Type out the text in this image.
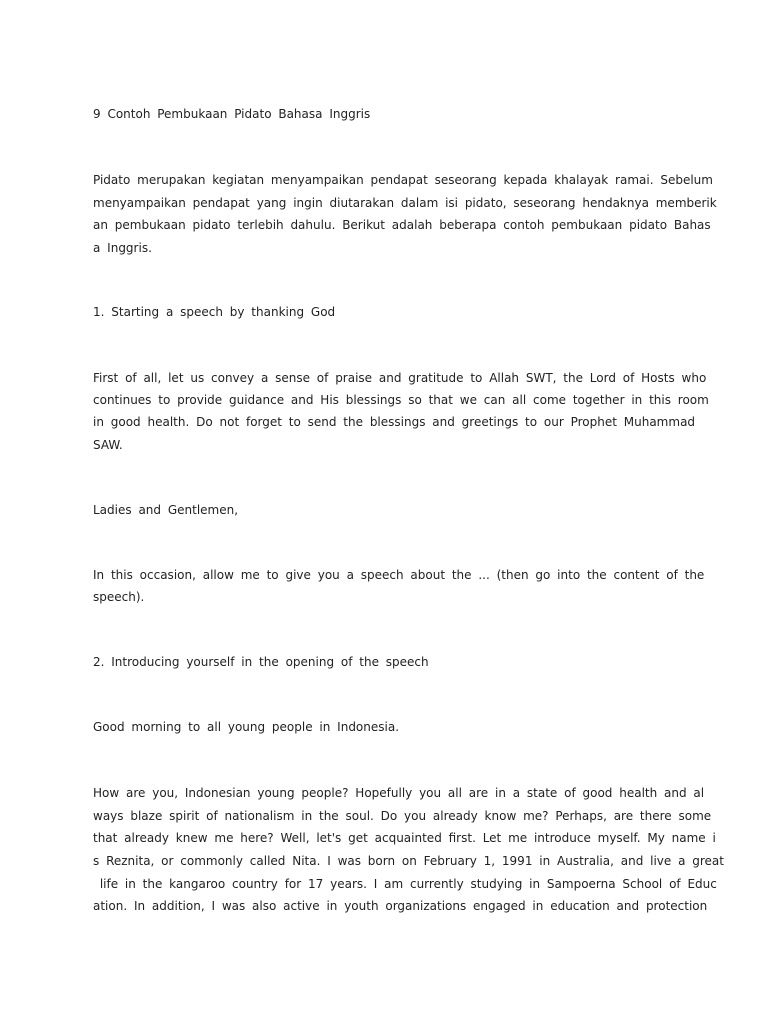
9 Contoh Pembukaan Pidato Bahasa Inggris
Pidato merupakan kegiatan menyampaikan pendapat seseorang kepada khalayak ramai. Sebelum
menyampaikan pendapat yang ingin diutarakan dalam isi pidato, seseorang hendaknya memberik
an pembukaan pidato terlebih dahulu. Berikut adalah beberapa contoh pembukaan pidato Bahas
a Inggris.
1. Starting a speech by thanking God
First of all, let us convey a sense of praise and gratitude to Allah SWT, the Lord of Hosts who
continues to provide guidance and His blessings so that we can all come together in this room
in good health. Do not forget to send the blessings and greetings to our Prophet Muhammad
SAW.
Ladies and Gentlemen,
In this occasion, allow me to give you a speech about the ... (then go into the content of the
speech).
2. Introducing yourself in the opening of the speech
Good morning to all young people in Indonesia.
How are you, Indonesian young people? Hopefully you all are in a state of good health and al
ways blaze spirit of nationalism in the soul. Do you already know me? Perhaps, are there some
that already knew me here? Well, let's get acquainted first. Let me introduce myself. My name i
s Reznita, or commonly called Nita. I was born on February 1, 1991 in Australia, and live a great
life in the kangaroo country for 17 years. I am currently studying in Sampoerna School of Educ
ation. In addition, I was also active in youth organizations engaged in education and protection
